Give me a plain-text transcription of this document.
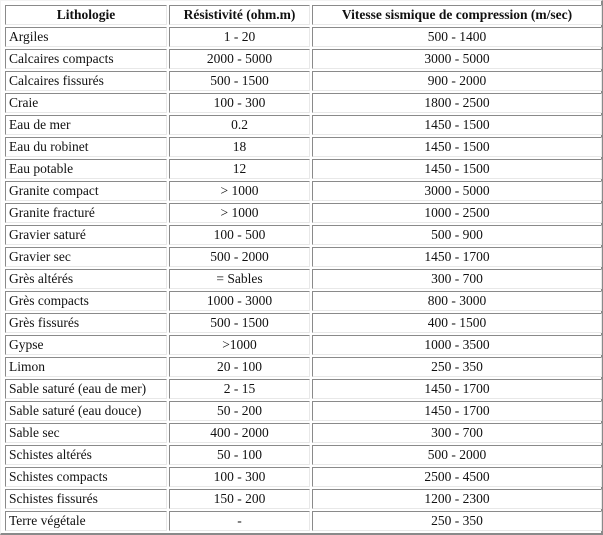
Lithologie	Résistivité (ohm.m)	Vitesse sismique de compression (m/sec)
Argiles	1 - 20	500 - 1400
Calcaires compacts	2000 - 5000	3000 - 5000
Calcaires fissurés	500 - 1500	900 - 2000
Craie	100 - 300	1800 - 2500
Eau de mer	0.2	1450 - 1500
Eau du robinet	18	1450 - 1500
Eau potable	12	1450 - 1500
Granite compact	> 1000	3000 - 5000
Granite fracturé	> 1000	1000 - 2500
Gravier saturé	100 - 500	500 - 900
Gravier sec	500 - 2000	1450 - 1700
Grès altérés	= Sables	300 - 700
Grès compacts	1000 - 3000	800 - 3000
Grès fissurés	500 - 1500	400 - 1500
Gypse	>1000	1000 - 3500
Limon	20 - 100	250 - 350
Sable saturé (eau de mer)	2 - 15	1450 - 1700
Sable saturé (eau douce)	50 - 200	1450 - 1700
Sable sec	400 - 2000	300 - 700
Schistes altérés	50 - 100	500 - 2000
Schistes compacts	100 - 300	2500 - 4500
Schistes fissurés	150 - 200	1200 - 2300
Terre végétale	-	250 - 350
